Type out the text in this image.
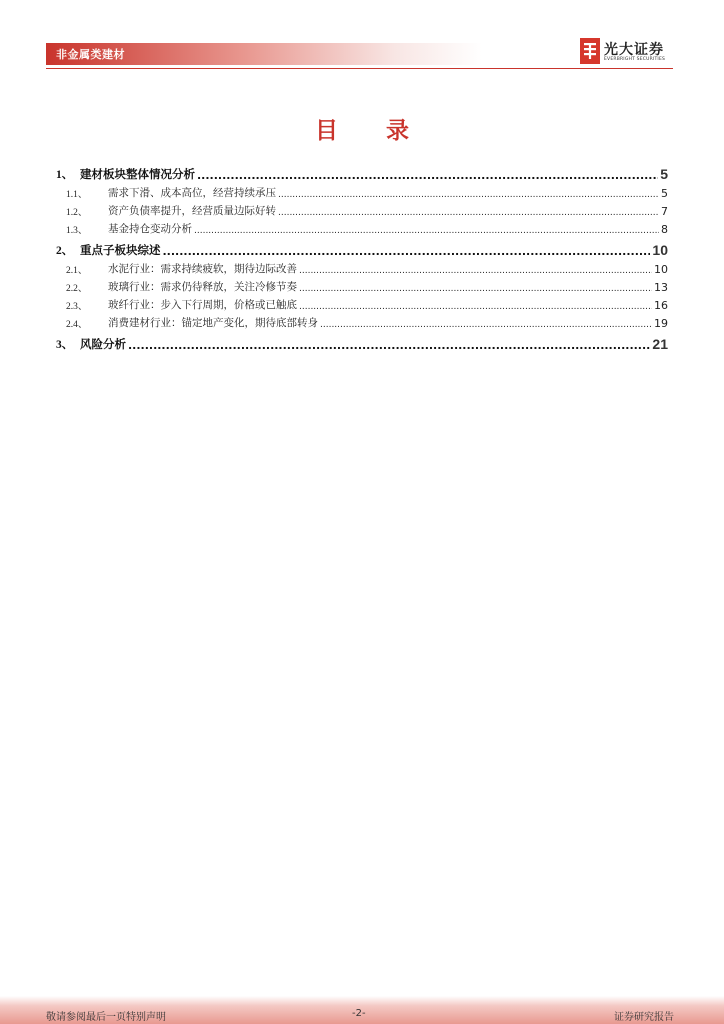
非金属类建材	光大证券
EVERBRIGHT SECURITIES
目 录
1、 建材板块整体情况分析 .....	5
1.1、	需求下滑、成本高位，经营持续承压 .....	5
1.2、	资产负债率提升，经营质量边际好转 .....	7
1.3、	基金持仓变动分析 .....	8
2、 重点子板块综述 .....	10
2.1、	水泥行业：需求持续疲软，期待边际改善 .....	10
2.2、	玻璃行业：需求仍待释放，关注冷修节奏 .....	13
2.3、	玻纤行业：步入下行周期，价格或已触底 .....	16
2.4、	消费建材行业：锚定地产变化，期待底部转身 .....	19
3、 风险分析 .....	21
敬请参阅最后一页特别声明	-2-	证券研究报告
